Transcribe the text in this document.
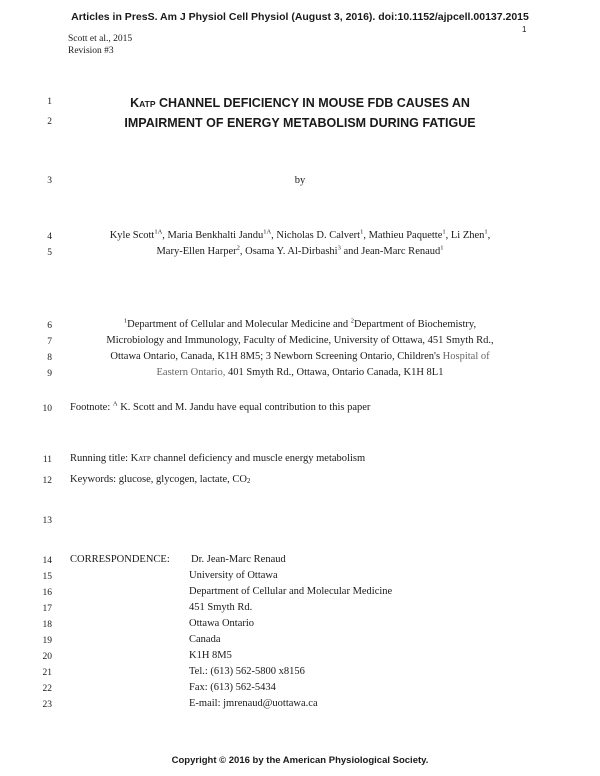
Articles in PresS. Am J Physiol Cell Physiol (August 3, 2016). doi:10.1152/ajpcell.00137.2015
1
Scott et al., 2015
Revision #3
1
2
3
4
5
6
7
8
9
10
11
12
13
14
15
16
17
18
19
20
21
22
23
KATP CHANNEL DEFICIENCY IN MOUSE FDB CAUSES AN
IMPAIRMENT OF ENERGY METABOLISM DURING FATIGUE
by
Kyle Scott$^{1A}$, Maria Benkhalti Jandu$^{1A}$, Nicholas D. Calvert$^1$, Mathieu Paquette$^1$, Li Zhen$^1$,
Mary-Ellen Harper$^2$, Osama Y. Al-Dirbashi$^3$ and Jean-Marc Renaud$^1$
$^1$Department of Cellular and Molecular Medicine and $^2$Department of Biochemistry,
Microbiology and Immunology, Faculty of Medicine, University of Ottawa, 451 Smyth Rd.,
Ottawa Ontario, Canada, K1H 8M5; 3 Newborn Screening Ontario, Children's Hospital of
Eastern Ontario, 401 Smyth Rd., Ottawa, Ontario Canada, K1H 8L1
Footnote: $^A$ K. Scott and M. Jandu have equal contribution to this paper
Running title: KATP channel deficiency and muscle energy metabolism
Keywords: glucose, glycogen, lactate, CO2
CORRESPONDENCE: Dr. Jean-Marc Renaud
University of Ottawa
Department of Cellular and Molecular Medicine
451 Smyth Rd.
Ottawa Ontario
Canada
K1H 8M5
Tel.: (613) 562-5800 x8156
Fax: (613) 562-5434
E-mail: jmrenaud@uottawa.ca
Copyright © 2016 by the American Physiological Society.
